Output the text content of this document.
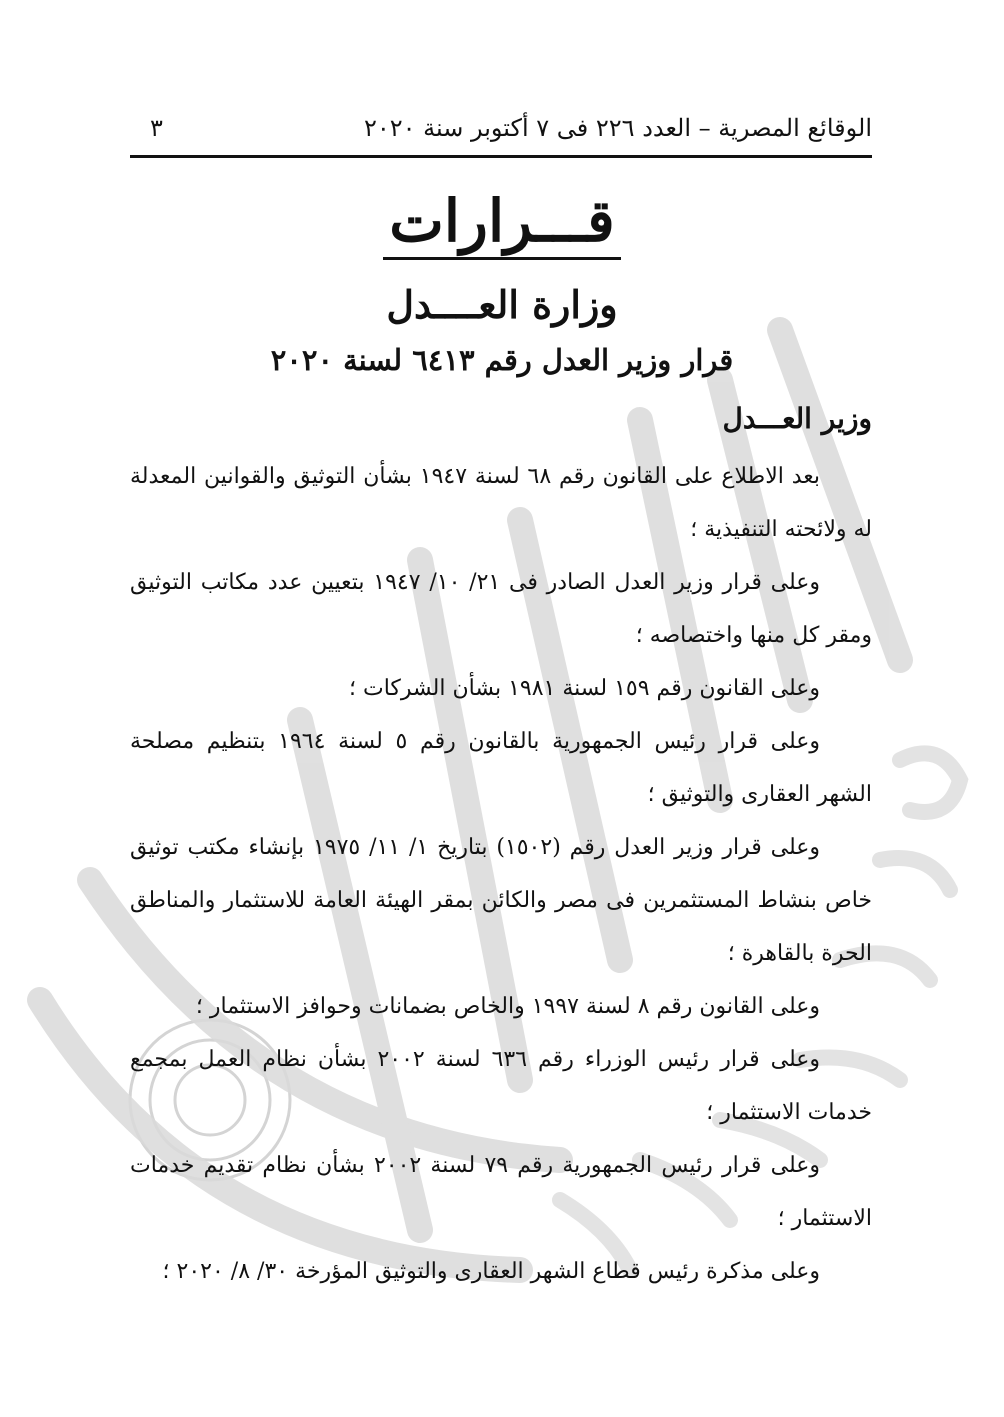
الوقائع المصرية – العدد ٢٢٦ فى ٧ أكتوبر سنة ٢٠٢٠
٣
قـــرارات
وزارة العــــدل
قرار وزير العدل رقم ٦٤١٣ لسنة ٢٠٢٠
وزير العـــدل

بعد الاطلاع على القانون رقم ٦٨ لسنة ١٩٤٧ بشأن التوثيق والقوانين المعدلة له ولائحته التنفيذية ؛

وعلى قرار وزير العدل الصادر فى ٢١/ ١٠/ ١٩٤٧ بتعيين عدد مكاتب التوثيق ومقر كل منها واختصاصه ؛

وعلى القانون رقم ١٥٩ لسنة ١٩٨١ بشأن الشركات ؛

وعلى قرار رئيس الجمهورية بالقانون رقم ٥ لسنة ١٩٦٤ بتنظيم مصلحة الشهر العقارى والتوثيق ؛

وعلى قرار وزير العدل رقم (١٥٠٢) بتاريخ ١/ ١١/ ١٩٧٥ بإنشاء مكتب توثيق خاص بنشاط المستثمرين فى مصر والكائن بمقر الهيئة العامة للاستثمار والمناطق الحرة بالقاهرة ؛

وعلى القانون رقم ٨ لسنة ١٩٩٧ والخاص بضمانات وحوافز الاستثمار ؛

وعلى قرار رئيس الوزراء رقم ٦٣٦ لسنة ٢٠٠٢ بشأن نظام العمل بمجمع خدمات الاستثمار ؛

وعلى قرار رئيس الجمهورية رقم ٧٩ لسنة ٢٠٠٢ بشأن نظام تقديم خدمات الاستثمار ؛

وعلى مذكرة رئيس قطاع الشهر العقارى والتوثيق المؤرخة ٣٠/ ٨/ ٢٠٢٠ ؛
